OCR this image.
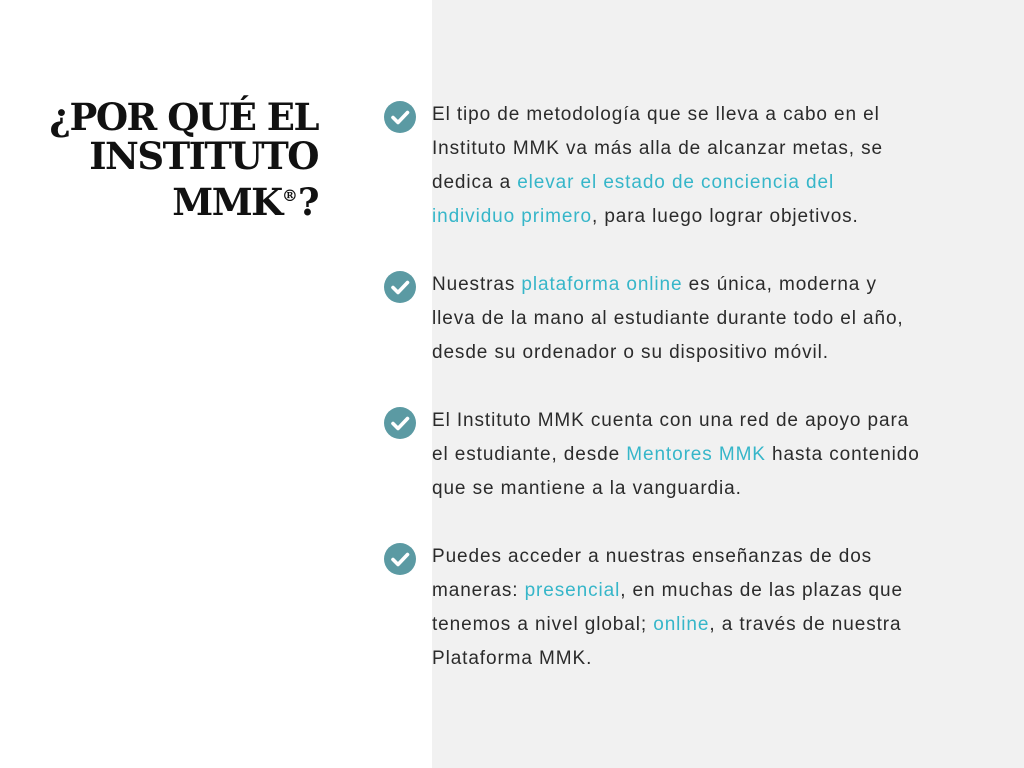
¿POR QUÉ EL
INSTITUTO
MMK®?

El tipo de metodología que se lleva a cabo en el Instituto MMK va más alla de alcanzar metas, se dedica a elevar el estado de conciencia del individuo primero, para luego lograr objetivos.

Nuestras plataforma online es única, moderna y lleva de la mano al estudiante durante todo el año, desde su ordenador o su dispositivo móvil.

El Instituto MMK cuenta con una red de apoyo para el estudiante, desde Mentores MMK hasta contenido que se mantiene a la vanguardia.

Puedes acceder a nuestras enseñanzas de dos maneras: presencial, en muchas de las plazas que tenemos a nivel global; online, a través de nuestra Plataforma MMK.
